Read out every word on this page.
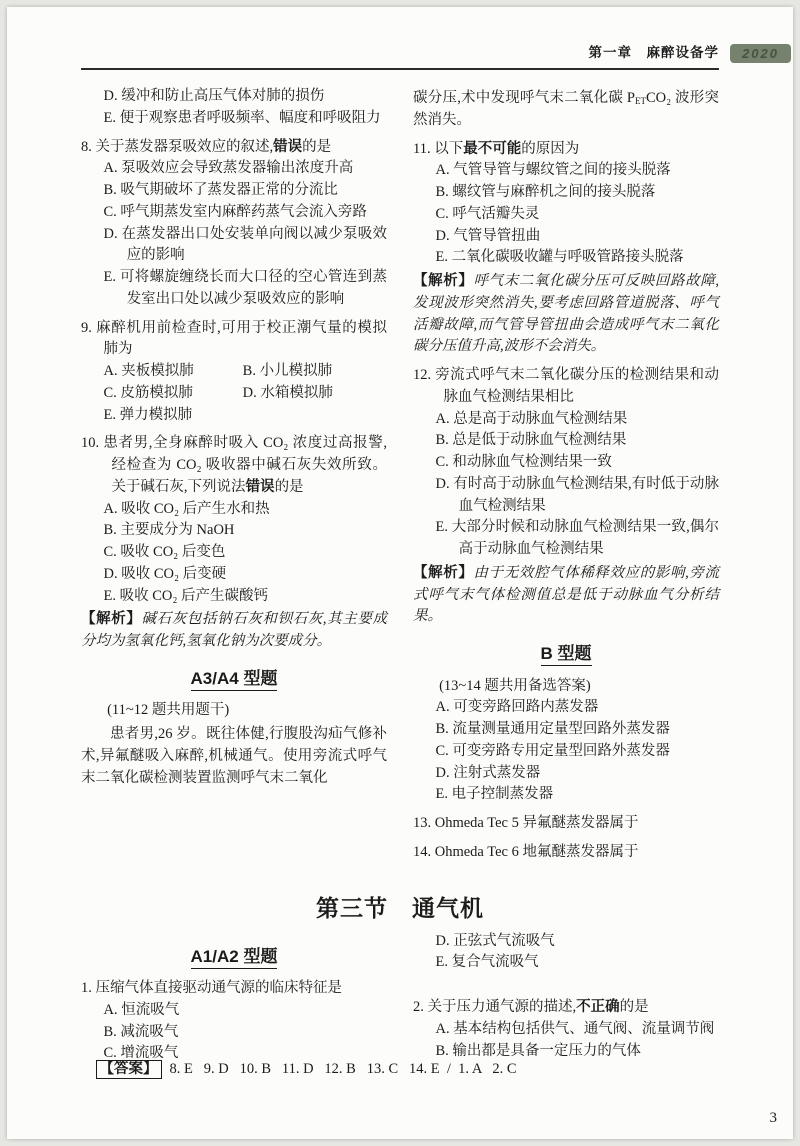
第一章　麻醉设备学	2020
D. 缓冲和防止高压气体对肺的损伤
E. 便于观察患者呼吸频率、幅度和呼吸阻力
8. 关于蒸发器泵吸效应的叙述,错误的是
A. 泵吸效应会导致蒸发器输出浓度升高
B. 吸气期破坏了蒸发器正常的分流比
C. 呼气期蒸发室内麻醉药蒸气会流入旁路
D. 在蒸发器出口处安装单向阀以减少泵吸效应的影响
E. 可将螺旋缠绕长而大口径的空心管连到蒸发室出口处以减少泵吸效应的影响
9. 麻醉机用前检查时,可用于校正潮气量的模拟肺为
A. 夹板模拟肺	B. 小儿模拟肺
C. 皮筋模拟肺	D. 水箱模拟肺
E. 弹力模拟肺
10. 患者男,全身麻醉时吸入 CO₂ 浓度过高报警,经检查为 CO₂ 吸收器中碱石灰失效所致。关于碱石灰,下列说法错误的是
A. 吸收 CO₂ 后产生水和热
B. 主要成分为 NaOH
C. 吸收 CO₂ 后变色
D. 吸收 CO₂ 后变硬
E. 吸收 CO₂ 后产生碳酸钙
【解析】碱石灰包括钠石灰和钡石灰,其主要成分均为氢氧化钙,氢氧化钠为次要成分。
A3/A4 型题
(11~12 题共用题干)
患者男,26 岁。既往体健,行腹股沟疝气修补术,异氟醚吸入麻醉,机械通气。使用旁流式呼气末二氧化碳检测装置监测呼气末二氧化
碳分压,术中发现呼气末二氧化碳 PETCO₂ 波形突然消失。
11. 以下最不可能的原因为
A. 气管导管与螺纹管之间的接头脱落
B. 螺纹管与麻醉机之间的接头脱落
C. 呼气活瓣失灵
D. 气管导管扭曲
E. 二氧化碳吸收罐与呼吸管路接头脱落
【解析】呼气末二氧化碳分压可反映回路故障,发现波形突然消失,要考虑回路管道脱落、呼气活瓣故障,而气管导管扭曲会造成呼气末二氧化碳分压值升高,波形不会消失。
12. 旁流式呼气末二氧化碳分压的检测结果和动脉血气检测结果相比
A. 总是高于动脉血气检测结果
B. 总是低于动脉血气检测结果
C. 和动脉血气检测结果一致
D. 有时高于动脉血气检测结果,有时低于动脉血气检测结果
E. 大部分时候和动脉血气检测结果一致,偶尔高于动脉血气检测结果
【解析】由于无效腔气体稀释效应的影响,旁流式呼气末气体检测值总是低于动脉血气分析结果。
B 型题
(13~14 题共用备选答案)
A. 可变旁路回路内蒸发器
B. 流量测量通用定量型回路外蒸发器
C. 可变旁路专用定量型回路外蒸发器
D. 注射式蒸发器
E. 电子控制蒸发器
13. Ohmeda Tec 5 异氟醚蒸发器属于
14. Ohmeda Tec 6 地氟醚蒸发器属于
第三节　通气机
A1/A2 型题
1. 压缩气体直接驱动通气源的临床特征是
A. 恒流吸气
B. 减流吸气
C. 增流吸气
D. 正弦式气流吸气
E. 复合气流吸气
2. 关于压力通气源的描述,不正确的是
A. 基本结构包括供气、通气阀、流量调节阀
B. 输出都是具备一定压力的气体

【答案】 8. E   9. D   10. B   11. D   12. B   13. C   14. E  /  1. A   2. C

3
